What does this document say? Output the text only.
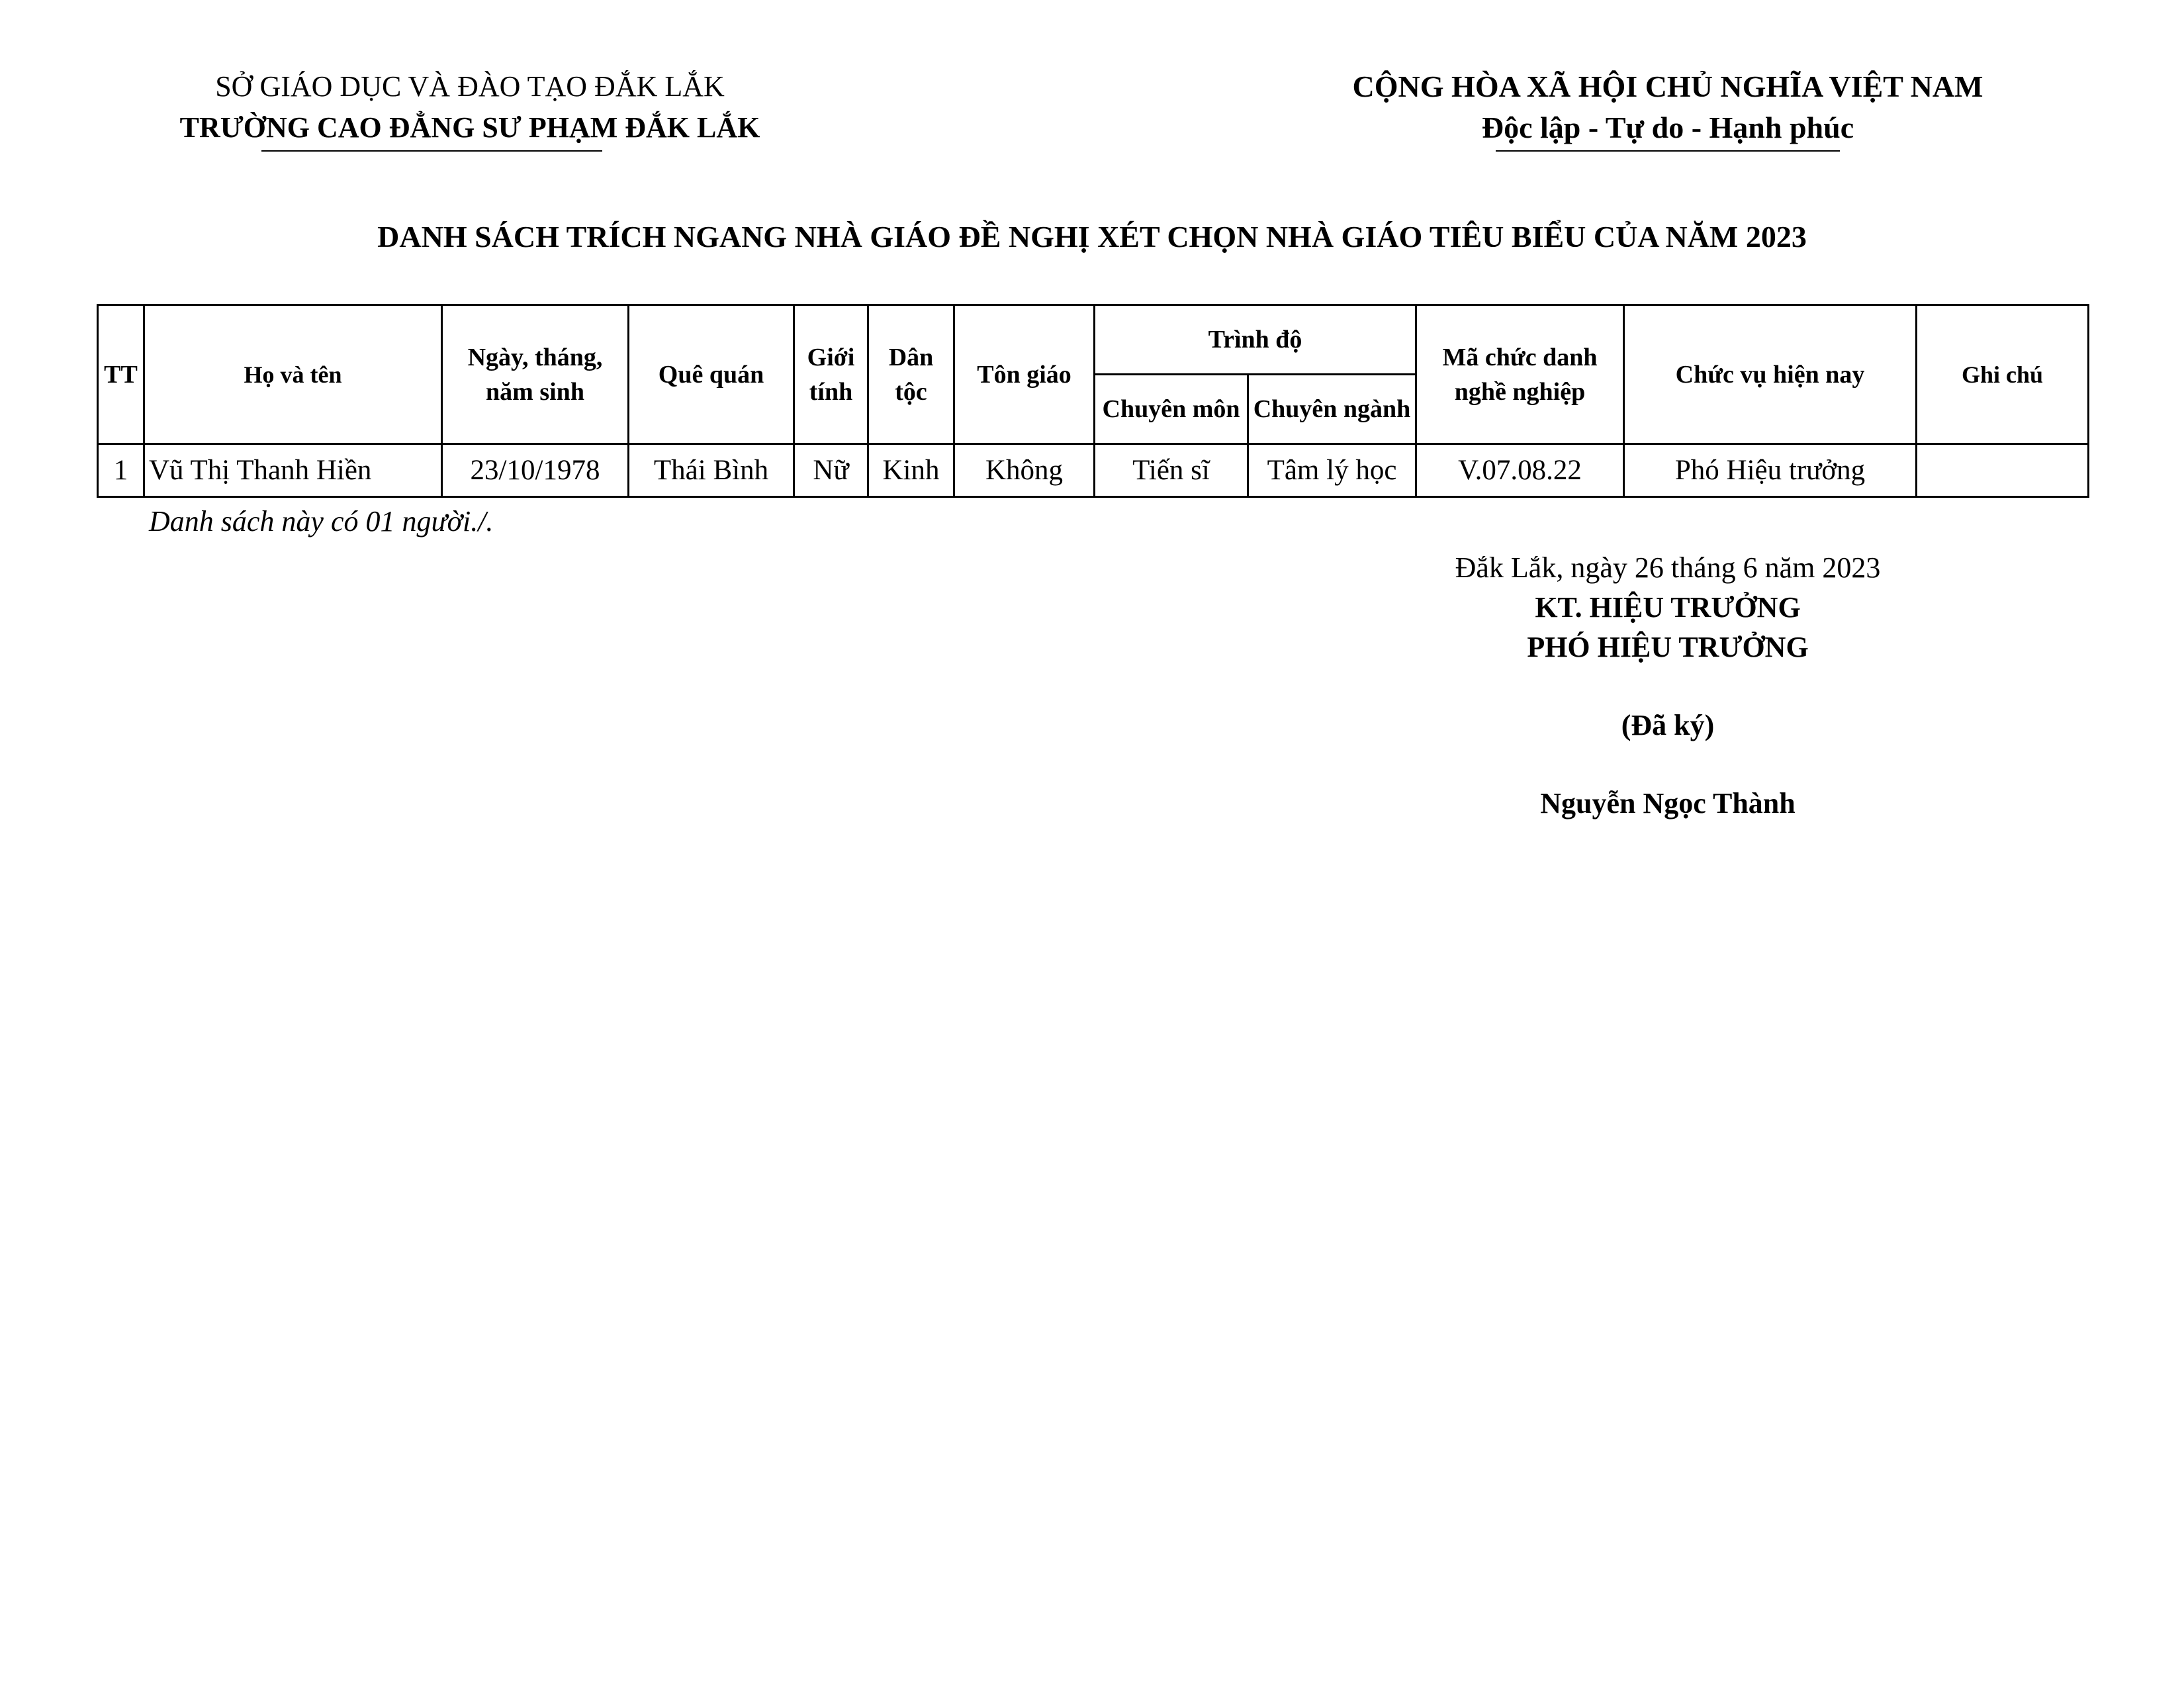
SỞ GIÁO DỤC VÀ ĐÀO TẠO ĐẮK LẮK
TRƯỜNG CAO ĐẲNG SƯ PHẠM ĐẮK LẮK
CỘNG HÒA XÃ HỘI CHỦ NGHĨA VIỆT NAM
Độc lập - Tự do - Hạnh phúc
DANH SÁCH TRÍCH NGANG NHÀ GIÁO ĐỀ NGHỊ XÉT CHỌN NHÀ GIÁO TIÊU BIỂU CỦA NĂM 2023
TT	Họ và tên	Ngày, tháng, năm sinh	Quê quán	Giới tính	Dân tộc	Tôn giáo	Trình độ		Mã chức danh nghề nghiệp	Chức vụ hiện nay	Ghi chú
							Chuyên môn	Chuyên ngành			
1	Vũ Thị Thanh Hiền	23/10/1978	Thái Bình	Nữ	Kinh	Không	Tiến sĩ	Tâm lý học	V.07.08.22	Phó Hiệu trưởng	
Danh sách này có 01 người./.
Đắk Lắk, ngày 26 tháng 6 năm 2023
KT. HIỆU TRƯỞNG
PHÓ HIỆU TRƯỞNG
(Đã ký)
Nguyễn Ngọc Thành
